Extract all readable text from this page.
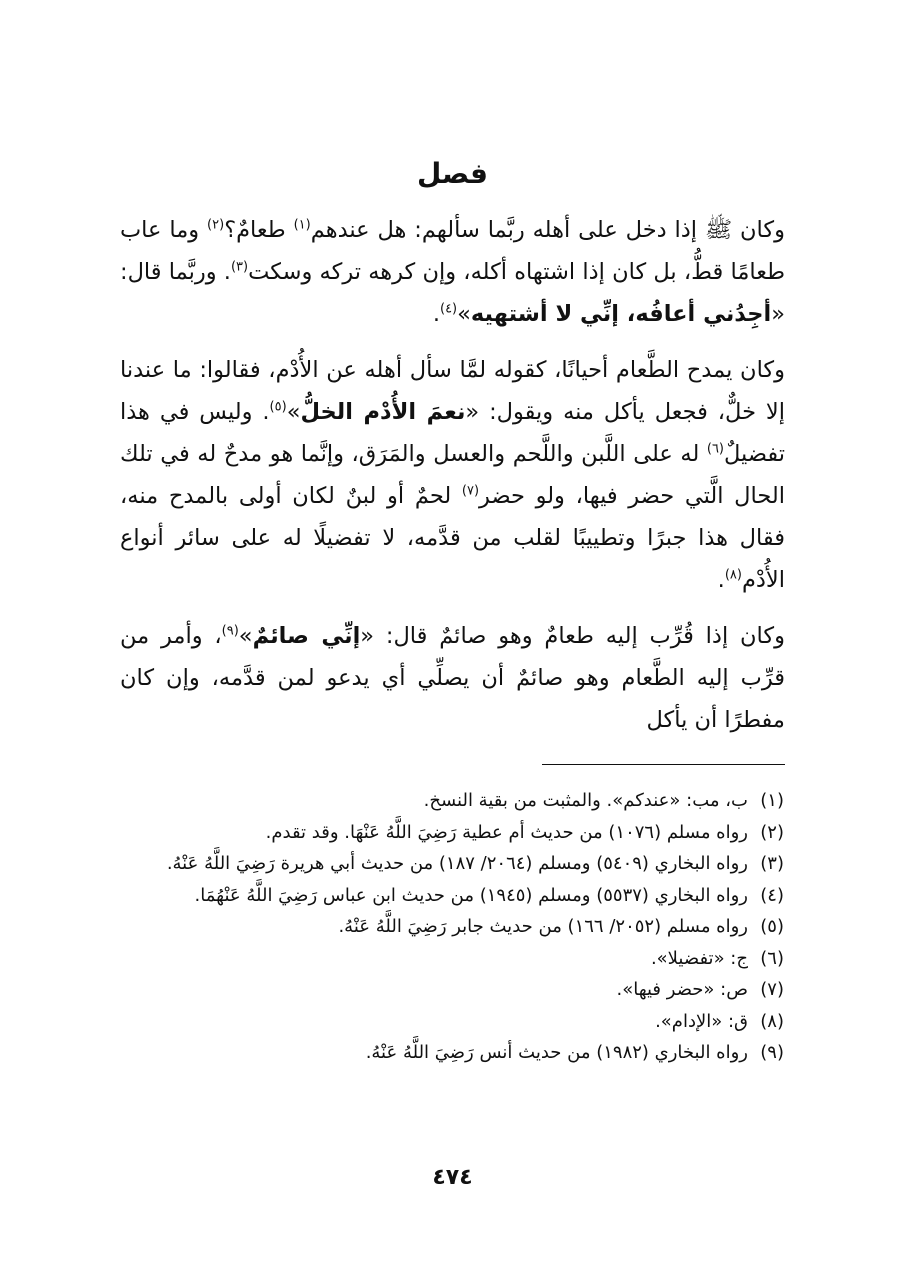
فصل

وكان ﷺ إذا دخل على أهله ربَّما سألهم: هل عندهم$^{(١)}$ طعامٌ؟$^{(٢)}$ وما عاب طعامًا قطُّ، بل كان إذا اشتهاه أكله، وإن كرهه تركه وسكت$^{(٣)}$. وربَّما قال: «أجِدُني أعافُه، إنِّي لا أشتهيه»$^{(٤)}$.

وكان يمدح الطَّعام أحيانًا، كقوله لمَّا سأل أهله عن الأُدْم، فقالوا: ما عندنا إلا خلٌّ، فجعل يأكل منه ويقول: «نعمَ الأُدْم الخلُّ»$^{(٥)}$. وليس في هذا تفضيلٌ$^{(٦)}$ له على اللَّبن واللَّحم والعسل والمَرَق، وإنَّما هو مدحٌ له في تلك الحال الَّتي حضر فيها، ولو حضر$^{(٧)}$ لحمٌ أو لبنٌ لكان أولى بالمدح منه، فقال هذا جبرًا وتطييبًا لقلب من قدَّمه، لا تفضيلًا له على سائر أنواع الأُدْم$^{(٨)}$.

وكان إذا قُرِّب إليه طعامٌ وهو صائمٌ قال: «إنِّي صائمٌ»$^{(٩)}$، وأمر من قرِّب إليه الطَّعام وهو صائمٌ أن يصلِّي أي يدعو لمن قدَّمه، وإن كان مفطرًا أن يأكل

(١)ب، مب: «عندكم». والمثبت من بقية النسخ.
(٢)رواه مسلم (١٠٧٦) من حديث أم عطية رَضِيَ اللَّهُ عَنْهَا. وقد تقدم.
(٣)رواه البخاري (٥٤٠٩) ومسلم (٢٠٦٤/ ١٨٧) من حديث أبي هريرة رَضِيَ اللَّهُ عَنْهُ.
(٤)رواه البخاري (٥٥٣٧) ومسلم (١٩٤٥) من حديث ابن عباس رَضِيَ اللَّهُ عَنْهُمَا.
(٥)رواه مسلم (٢٠٥٢/ ١٦٦) من حديث جابر رَضِيَ اللَّهُ عَنْهُ.
(٦)ج: «تفضيلا».
(٧)ص: «حضر فيها».
(٨)ق: «الإدام».
(٩)رواه البخاري (١٩٨٢) من حديث أنس رَضِيَ اللَّهُ عَنْهُ.
٤٧٤
